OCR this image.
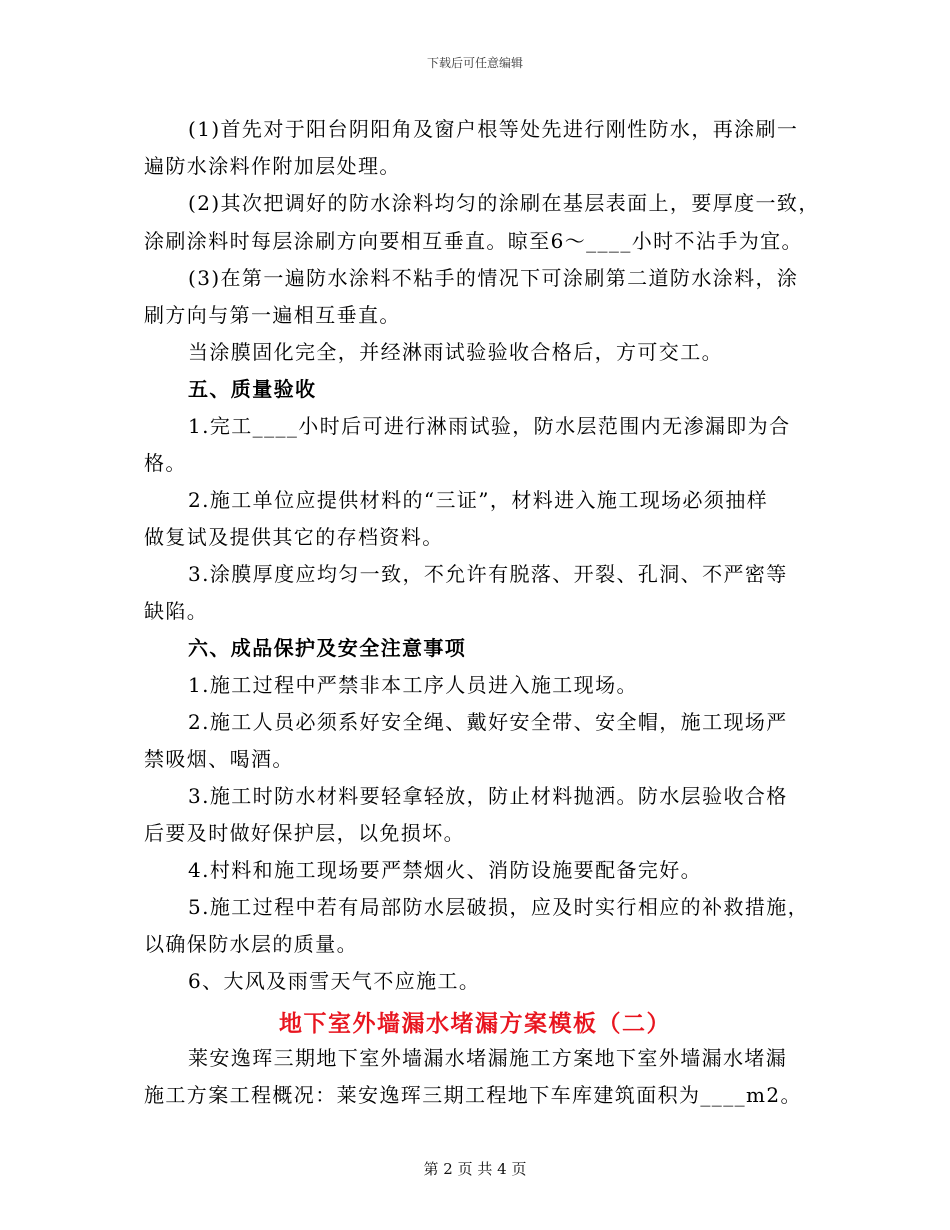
下载后可任意编辑
(1)首先对于阳台阴阳角及窗户根等处先进行刚性防水，再涂刷一
遍防水涂料作附加层处理。
(2)其次把调好的防水涂料均匀的涂刷在基层表面上，要厚度一致，
涂刷涂料时每层涂刷方向要相互垂直。晾至6～____小时不沾手为宜。
(3)在第一遍防水涂料不粘手的情况下可涂刷第二道防水涂料，涂
刷方向与第一遍相互垂直。
当涂膜固化完全，并经淋雨试验验收合格后，方可交工。
五、质量验收
1.完工____小时后可进行淋雨试验，防水层范围内无渗漏即为合
格。
2.施工单位应提供材料的“三证”，材料进入施工现场必须抽样
做复试及提供其它的存档资料。
3.涂膜厚度应均匀一致，不允许有脱落、开裂、孔洞、不严密等
缺陷。
六、成品保护及安全注意事项
1.施工过程中严禁非本工序人员进入施工现场。
2.施工人员必须系好安全绳、戴好安全带、安全帽，施工现场严
禁吸烟、喝酒。
3.施工时防水材料要轻拿轻放，防止材料抛洒。防水层验收合格
后要及时做好保护层，以免损坏。
4.村料和施工现场要严禁烟火、消防设施要配备完好。
5.施工过程中若有局部防水层破损，应及时实行相应的补救措施，
以确保防水层的质量。
6、大风及雨雪天气不应施工。
地下室外墙漏水堵漏方案模板（二）
莱安逸珲三期地下室外墙漏水堵漏施工方案地下室外墙漏水堵漏
施工方案工程概况：莱安逸珲三期工程地下车库建筑面积为____m2。
第 2 页 共 4 页
